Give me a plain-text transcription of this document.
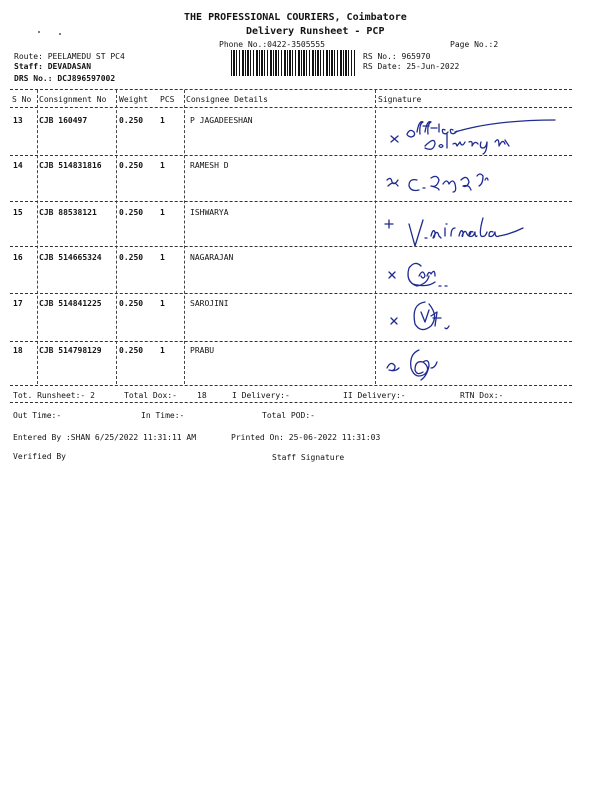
THE PROFESSIONAL COURIERS, Coimbatore
Delivery Runsheet - PCP
Phone No.:0422-3505555	Page No.:2
Route: PEELAMEDU ST PC4
Staff: DEVADASAN
DRS No.: DCJ896597002
RS No.: 965970
RS Date: 25-Jun-2022
S No Consignment No Weight PCS Consignee Details	Signature
13 CJB 160497	0.250 1	P JAGADEESHAN
14 CJB 514831816 0.250 1	RAMESH D
15 CJB 88538121	0.250 1	ISHWARYA
16 CJB 514665324 0.250 1	NAGARAJAN
17 CJB 514841225 0.250 1	SAROJINI
18 CJB 514798129 0.250 1	PRABU
Tot. Runsheet:- 2	Total Dox:-	18	I Delivery:-	II Delivery:-	RTN Dox:-
Out Time:-	In Time:-	Total POD:-
Entered By :SHAN 6/25/2022 11:31:11 AM	Printed On: 25-06-2022 11:31:03
Verified By	Staff Signature
